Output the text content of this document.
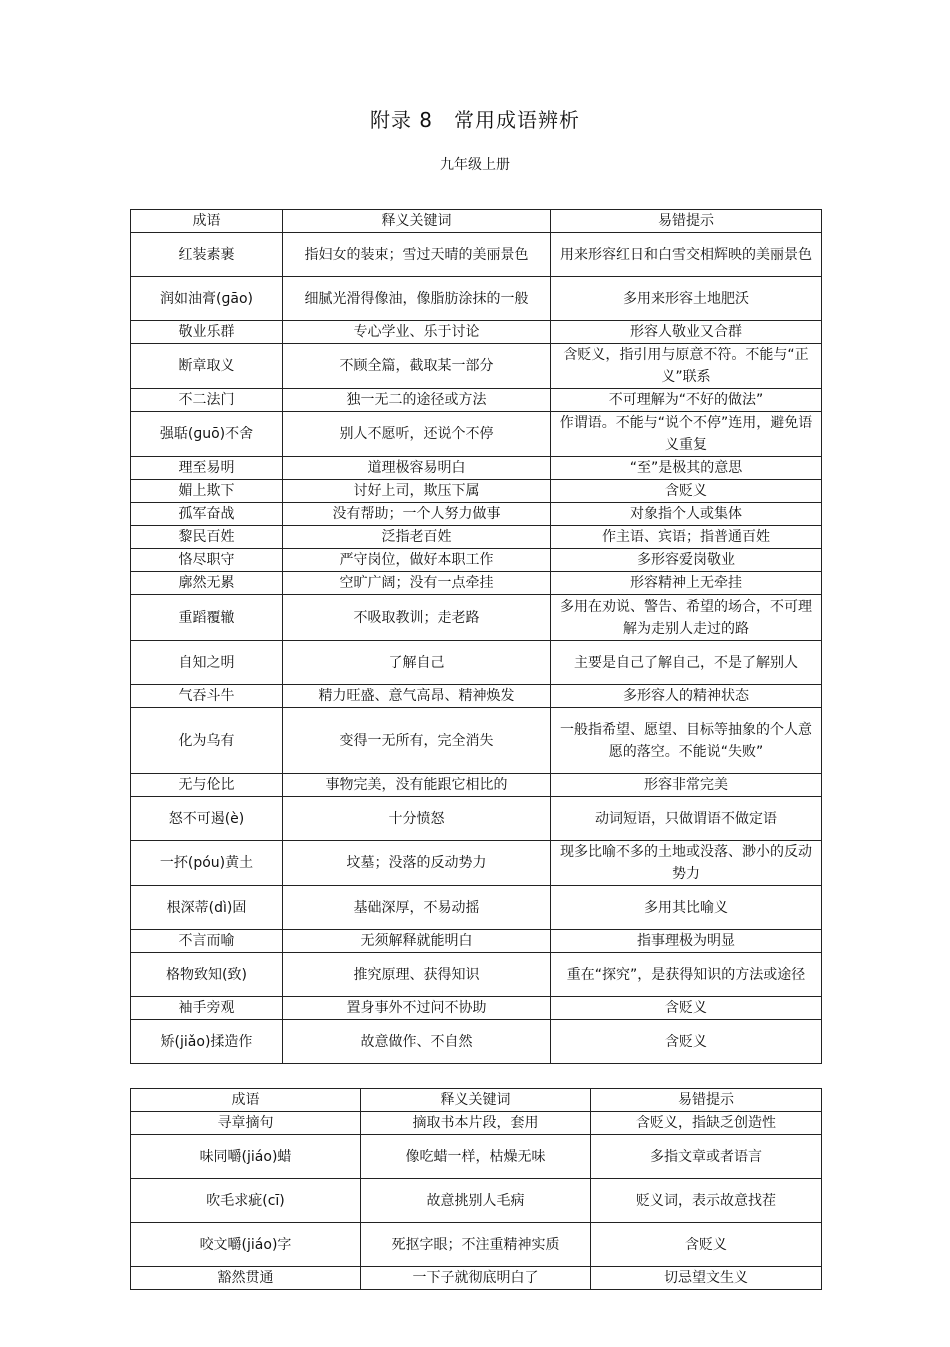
附录 8　常用成语辨析
九年级上册
成语	释义关键词	易错提示
红装素裹	指妇女的装束；雪过天晴的美丽景色	用来形容红日和白雪交相辉映的美丽景色
润如油膏(ɡāo)	细腻光滑得像油，像脂肪涂抹的一般	多用来形容土地肥沃
敬业乐群	专心学业、乐于讨论	形容人敬业又合群
断章取义	不顾全篇，截取某一部分	含贬义，指引用与原意不符。不能与“正义”联系
不二法门	独一无二的途径或方法	不可理解为“不好的做法”
强聒(ɡuō)不舍	别人不愿听，还说个不停	作谓语。不能与“说个不停”连用，避免语义重复
理至易明	道理极容易明白	“至”是极其的意思
媚上欺下	讨好上司，欺压下属	含贬义
孤军奋战	没有帮助；一个人努力做事	对象指个人或集体
黎民百姓	泛指老百姓	作主语、宾语；指普通百姓
恪尽职守	严守岗位，做好本职工作	多形容爱岗敬业
廓然无累	空旷广阔；没有一点牵挂	形容精神上无牵挂
重蹈覆辙	不吸取教训；走老路	多用在劝说、警告、希望的场合，不可理解为走别人走过的路
自知之明	了解自己	主要是自己了解自己，不是了解别人
气吞斗牛	精力旺盛、意气高昂、精神焕发	多形容人的精神状态
化为乌有	变得一无所有，完全消失	一般指希望、愿望、目标等抽象的个人意愿的落空。不能说“失败”
无与伦比	事物完美，没有能跟它相比的	形容非常完美
怒不可遏(è)	十分愤怒	动词短语，只做谓语不做定语
一抔(póu)黄土	坟墓；没落的反动势力	现多比喻不多的土地或没落、渺小的反动势力
根深蒂(dì)固	基础深厚，不易动摇	多用其比喻义
不言而喻	无须解释就能明白	指事理极为明显
格物致知(致)	推究原理、获得知识	重在“探究”，是获得知识的方法或途径
袖手旁观	置身事外不过问不协助	含贬义
矫(jiǎo)揉造作	故意做作、不自然	含贬义
成语	释义关键词	易错提示
寻章摘句	摘取书本片段，套用	含贬义，指缺乏创造性
味同嚼(jiáo)蜡	像吃蜡一样，枯燥无味	多指文章或者语言
吹毛求疵(cī)	故意挑别人毛病	贬义词，表示故意找茬
咬文嚼(jiáo)字	死抠字眼；不注重精神实质	含贬义
豁然贯通	一下子就彻底明白了	切忌望文生义
